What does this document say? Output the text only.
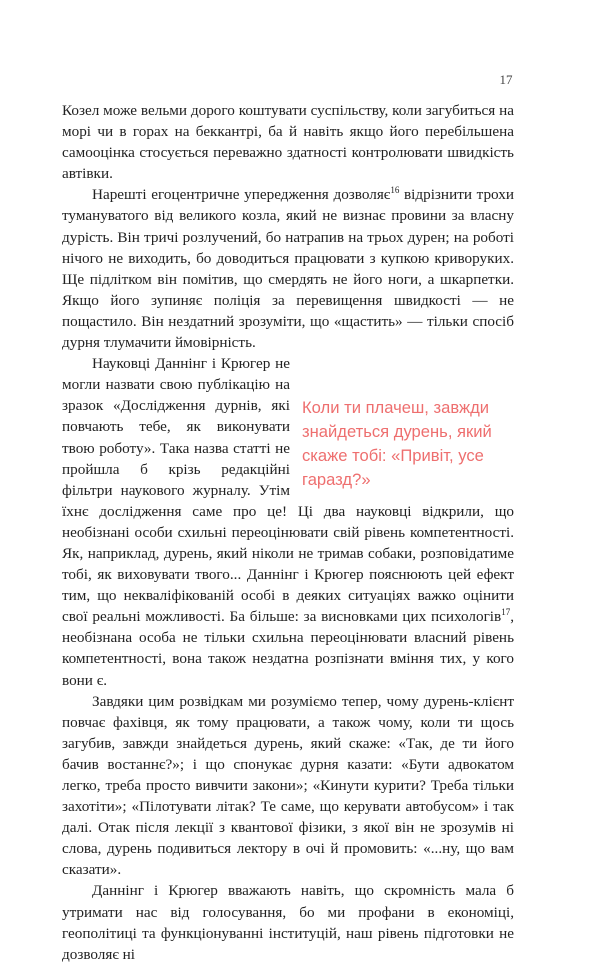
17

Козел може вельми дорого коштувати суспільству, коли загубиться на морі чи в горах на беккантрі, ба й навіть якщо його перебільшена самооцінка стосується переважно здатності контролювати швидкість автівки.

Нарешті егоцентричне упередження дозволяє$^{16}$ відрізнити трохи тумануватого від великого козла, який не визнає провини за власну дурість. Він тричі розлучений, бо натрапив на трьох дурен; на роботі нічого не виходить, бо доводиться працювати з купкою криворуких. Ще підлітком він помітив, що смердять не його ноги, а шкарпетки. Якщо його зупиняє поліція за перевищення швидкості — не пощастило. Він нездатний зрозуміти, що «щастить» — тільки спосіб дурня тлумачити ймовірність.

Коли ти плачеш, завжди знайдеться дурень, який скаже тобі: «Привіт, усе гаразд?»

Науковці Даннінг і Крюгер не могли назвати свою публікацію на зразок «Дослідження дурнів, які повчають тебе, як виконувати твою роботу». Така назва статті не пройшла б крізь редакційні фільтри наукового журналу. Утім їхнє дослідження саме про це! Ці два науковці відкрили, що необізнані особи схильні переоцінювати свій рівень компетентності. Як, наприклад, дурень, який ніколи не тримав собаки, розповідатиме тобі, як виховувати твого... Даннінг і Крюгер пояснюють цей ефект тим, що некваліфікованій особі в деяких ситуаціях важко оцінити свої реальні можливості. Ба більше: за висновками цих психологів$^{17}$, необізнана особа не тільки схильна переоцінювати власний рівень компетентності, вона також нездатна розпізнати вміння тих, у кого вони є.

Завдяки цим розвідкам ми розуміємо тепер, чому дурень-клієнт повчає фахівця, як тому працювати, а також чому, коли ти щось загубив, завжди знайдеться дурень, який скаже: «Так, де ти його бачив востаннє?»; і що спонукає дурня казати: «Бути адвокатом легко, треба просто вивчити закони»; «Кинути курити? Треба тільки захотіти»; «Пілотувати літак? Те саме, що керувати автобусом» і так далі. Отак після лекції з квантової фізики, з якої він не зрозумів ні слова, дурень подивиться лектору в очі й промовить: «...ну, що вам сказати».

Даннінг і Крюгер вважають навіть, що скромність мала б утримати нас від голосування, бо ми профани в економіці, геополітиці та функціонуванні інституцій, наш рівень підготовки не дозволяє ні
